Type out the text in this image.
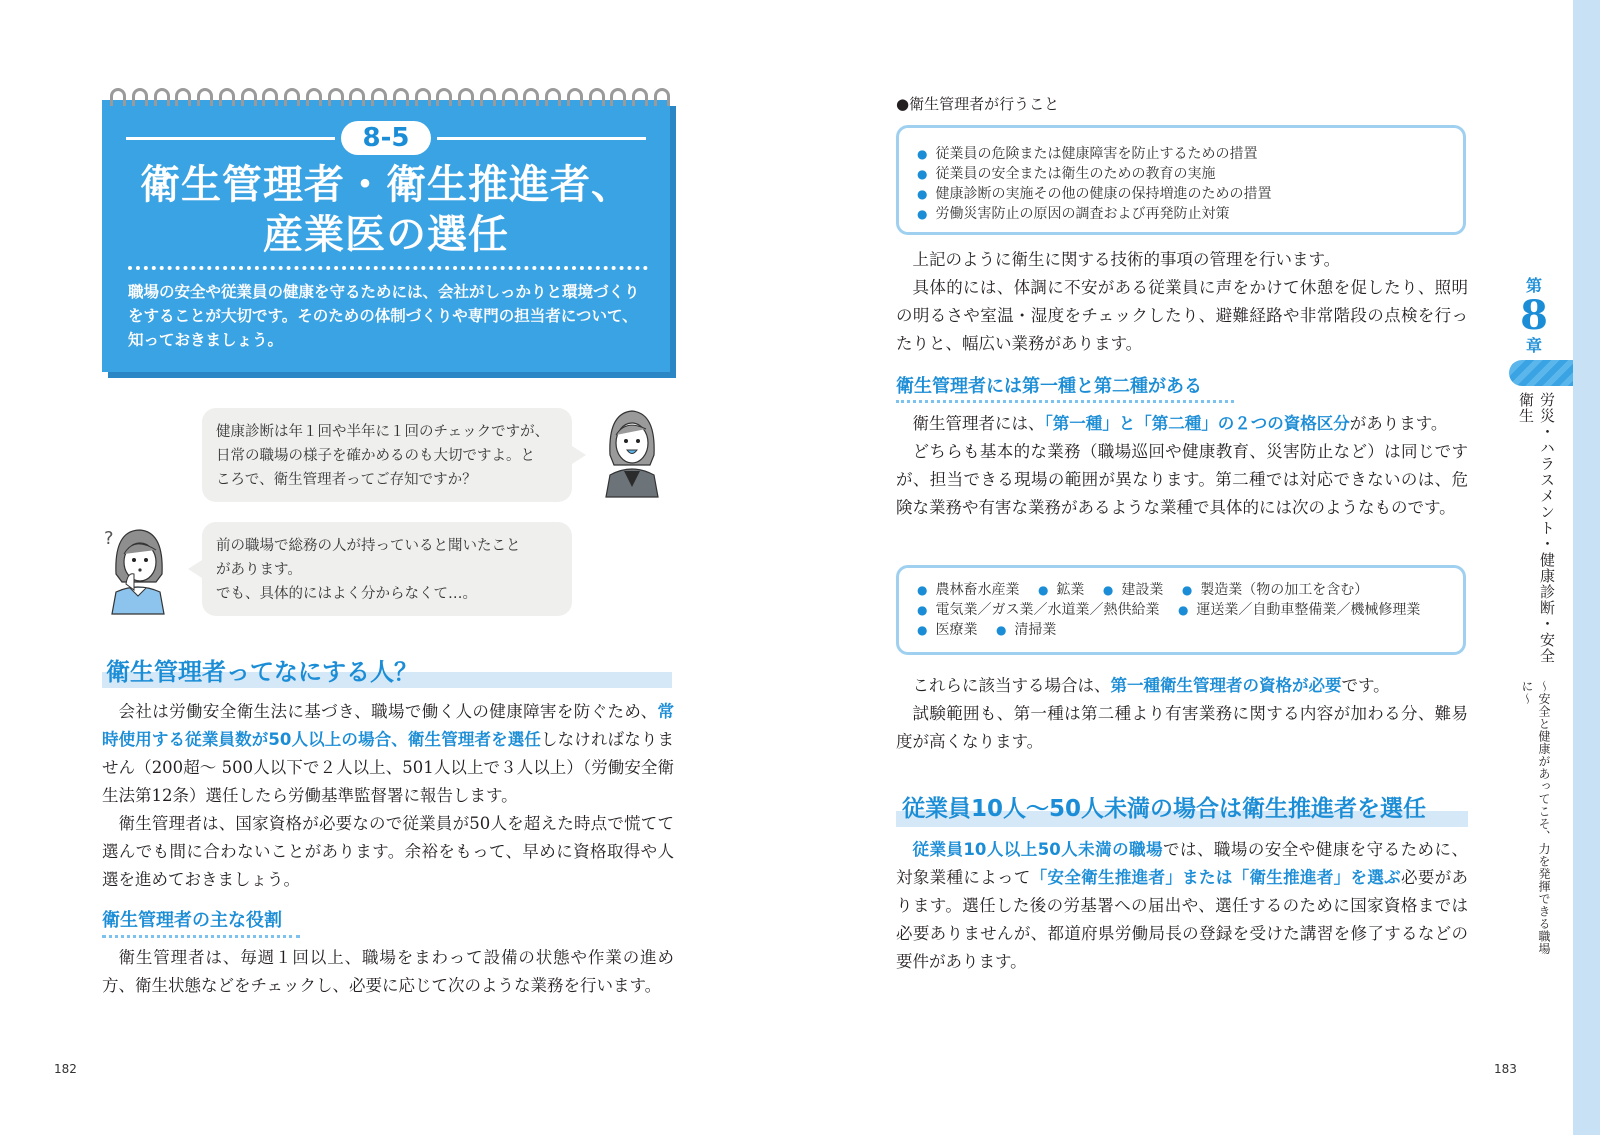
8-5
衛生管理者・衛生推進者、
産業医の選任
職場の安全や従業員の健康を守るためには、会社がしっかりと環境づくりをすることが大切です。そのための体制づくりや専門の担当者について、知っておきましょう。
健康診断は年１回や半年に１回のチェックですが、
日常の職場の様子を確かめるのも大切ですよ。と
ころで、衛生管理者ってご存知ですか？
?	前の職場で総務の人が持っていると聞いたこと
があります。
でも、具体的にはよく分からなくて…。
衛生管理者ってなにする人？

会社は労働安全衛生法に基づき、職場で働く人の健康障害を防ぐため、常時使用する従業員数が50人以上の場合、衛生管理者を選任しなければなりません（200超〜 500人以下で２人以上、501人以上で３人以上）（労働安全衛生法第12条）選任したら労働基準監督署に報告します。

衛生管理者は、国家資格が必要なので従業員が50人を超えた時点で慌てて選んでも間に合わないことがあります。余裕をもって、早めに資格取得や人選を進めておきましょう。

衛生管理者の主な役割

衛生管理者は、毎週１回以上、職場をまわって設備の状態や作業の進め方、衛生状態などをチェックし、必要に応じて次のような業務を行います。

182
●衛生管理者が行うこと
● 従業員の危険または健康障害を防止するための措置
● 従業員の安全または衛生のための教育の実施
● 健康診断の実施その他の健康の保持増進のための措置
● 労働災害防止の原因の調査および再発防止対策

上記のように衛生に関する技術的事項の管理を行います。

具体的には、体調に不安がある従業員に声をかけて休憩を促したり、照明の明るさや室温・湿度をチェックしたり、避難経路や非常階段の点検を行ったりと、幅広い業務があります。

衛生管理者には第一種と第二種がある

衛生管理者には、「第一種」と「第二種」の２つの資格区分があります。

どちらも基本的な業務（職場巡回や健康教育、災害防止など）は同じですが、担当できる現場の範囲が異なります。第二種では対応できないのは、危険な業務や有害な業務があるような業種で具体的には次のようなものです。

● 農林畜水産業 ● 鉱業 ● 建設業 ● 製造業（物の加工を含む）
● 電気業／ガス業／水道業／熱供給業 ● 運送業／自動車整備業／機械修理業
● 医療業 ● 清掃業

これらに該当する場合は、第一種衛生管理者の資格が必要です。

試験範囲も、第一種は第二種より有害業務に関する内容が加わる分、難易度が高くなります。

従業員10人〜50人未満の場合は衛生推進者を選任

従業員10人以上50人未満の職場では、職場の安全や健康を守るために、対象業種によって「安全衛生推進者」または「衛生推進者」を選ぶ必要があります。選任した後の労基署への届出や、選任するのために国家資格までは必要ありませんが、都道府県労働局長の登録を受けた講習を修了するなどの要件があります。

183
第
8
章
労災・ハラスメント・健康診断・安全衛生
〜安全と健康があってこそ、力を発揮できる職場に〜
